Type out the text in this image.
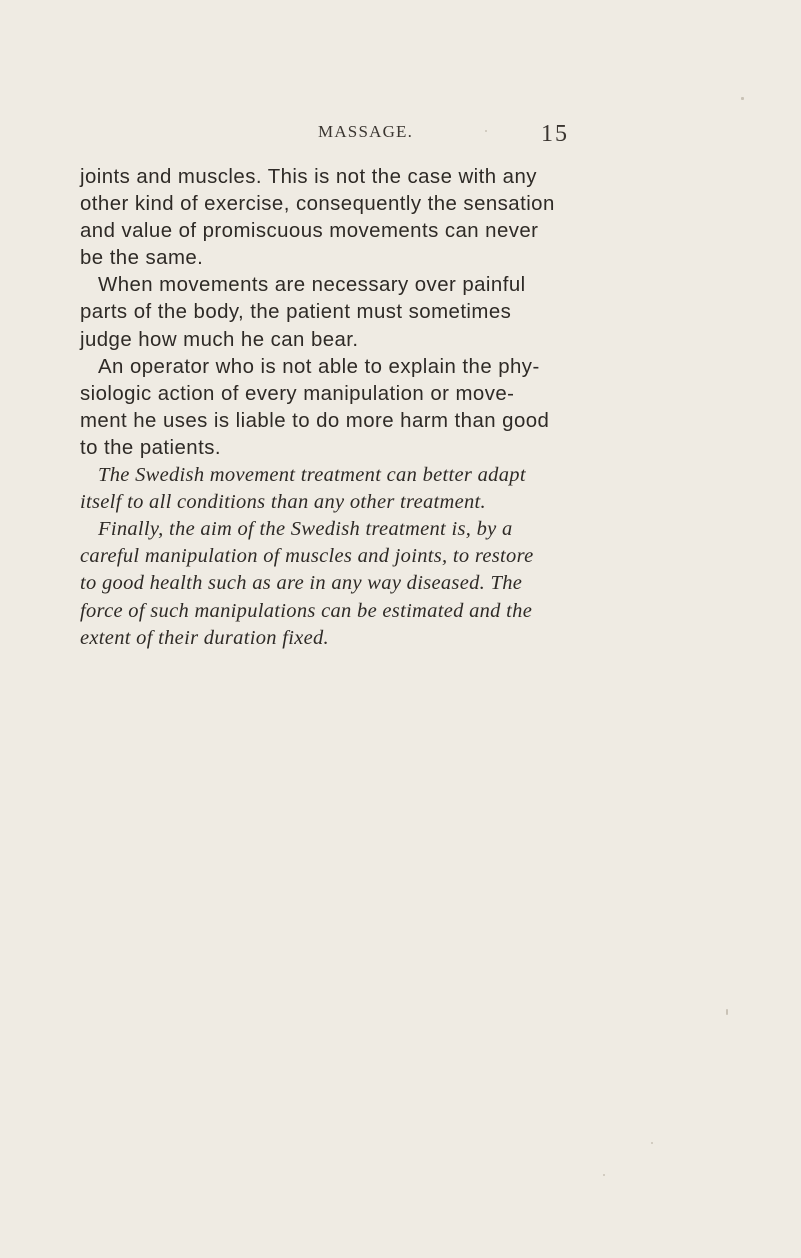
MASSAGE.	15
joints and muscles. This is not the case with any
other kind of exercise, consequently the sensation
and value of promiscuous movements can never
be the same.
When movements are necessary over painful
parts of the body, the patient must sometimes
judge how much he can bear.
An operator who is not able to explain the phy-
siologic action of every manipulation or move-
ment he uses is liable to do more harm than good
to the patients.
The Swedish movement treatment can better adapt
itself to all conditions than any other treatment.
Finally, the aim of the Swedish treatment is, by a
careful manipulation of muscles and joints, to restore
to good health such as are in any way diseased. The
force of such manipulations can be estimated and the
extent of their duration fixed.
